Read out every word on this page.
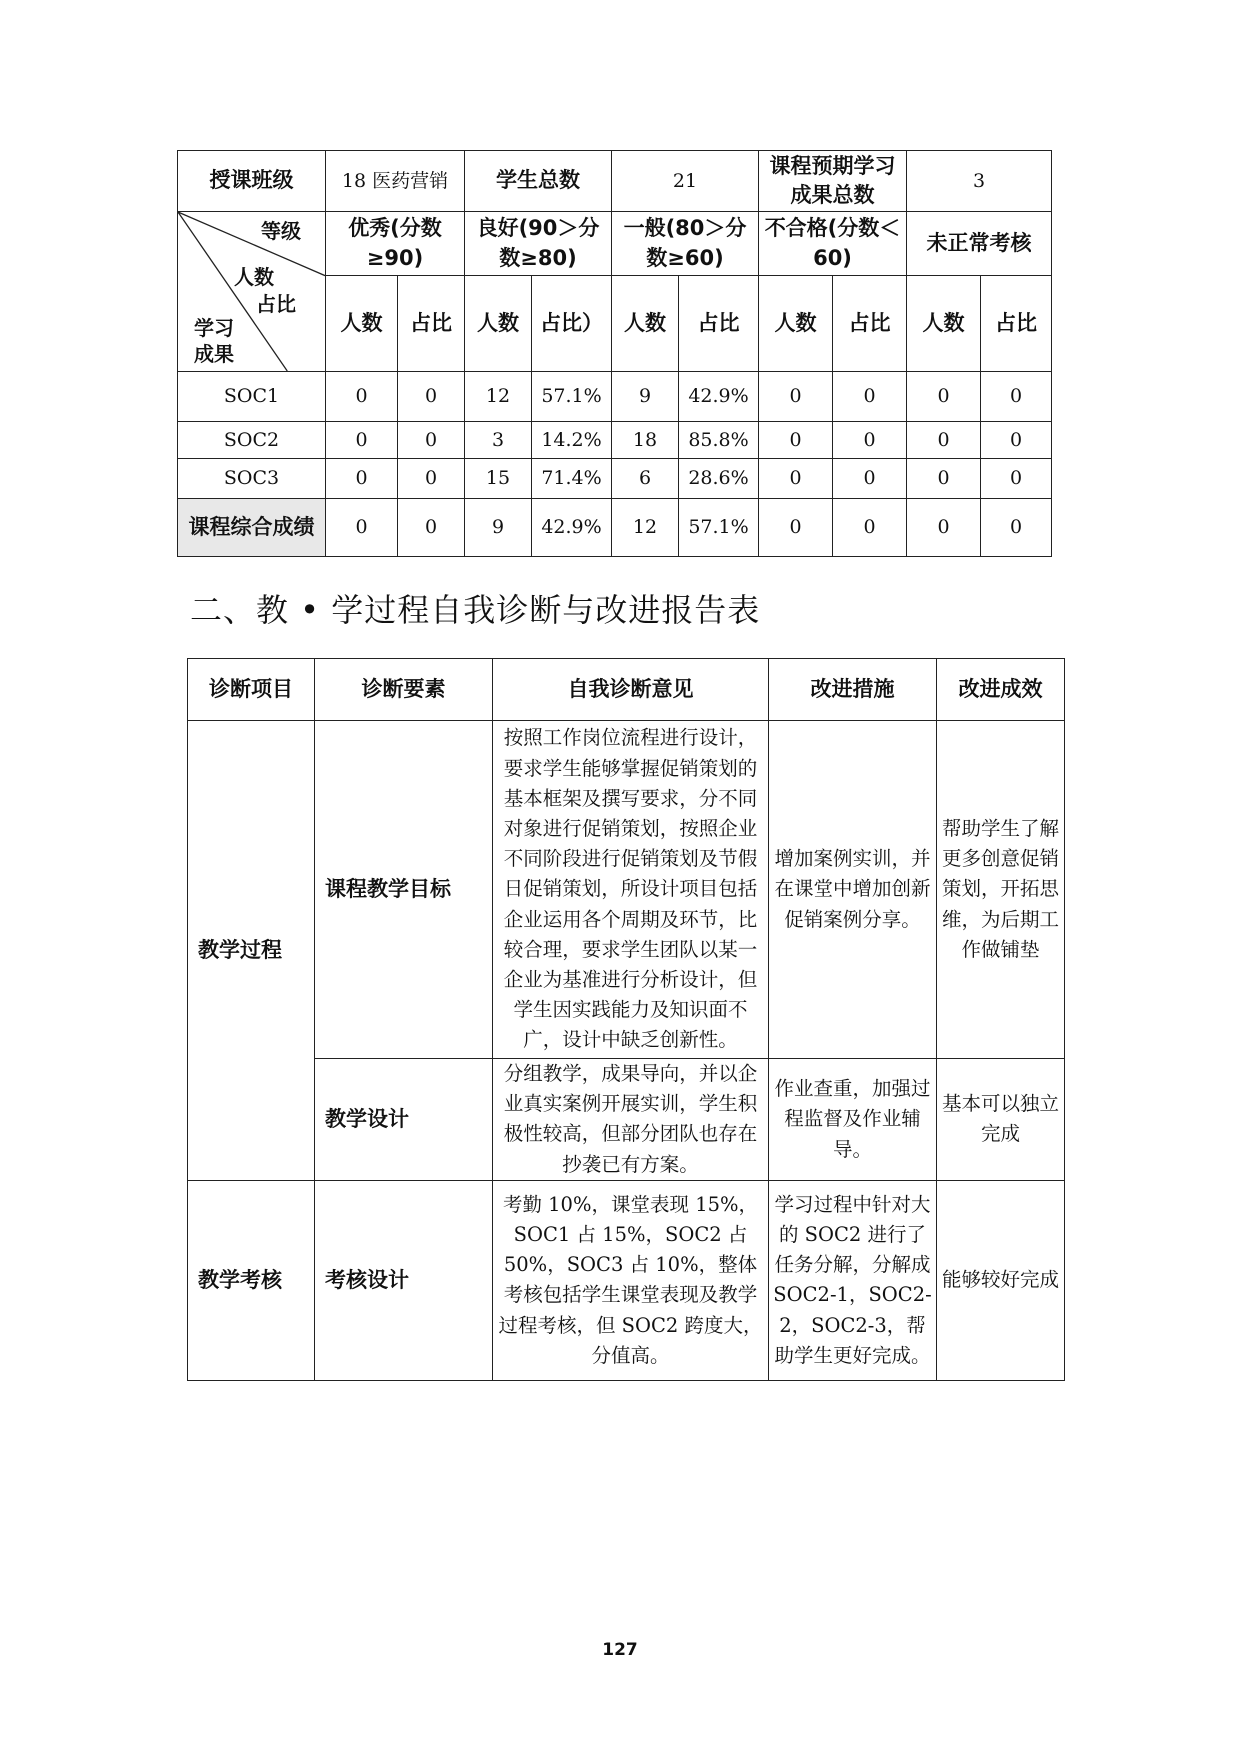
授课班级	18 医药营销		学生总数		21		课程预期学习成果总数		3	

等级
人数
占比
学习成果	优秀(分数≥90)		良好(90＞分数≥80)		一般(80＞分数≥60)		不合格(分数＜60)		未正常考核	
	人数	占比	人数	占比）	人数	占比	人数	占比	人数	占比
SOC1	0	0	12	57.1%	9	42.9%	0	0	0	0
SOC2	0	0	3	14.2%	18	85.8%	0	0	0	0
SOC3	0	0	15	71.4%	6	28.6%	0	0	0	0
课程综合成绩	0	0	9	42.9%	12	57.1%	0	0	0	0
二、教 • 学过程自我诊断与改进报告表
诊断项目	诊断要素	自我诊断意见	改进措施	改进成效
教学过程	课程教学目标	按照工作岗位流程进行设计，要求学生能够掌握促销策划的基本框架及撰写要求，分不同对象进行促销策划，按照企业不同阶段进行促销策划及节假日促销策划，所设计项目包括企业运用各个周期及环节，比较合理，要求学生团队以某一企业为基准进行分析设计，但学生因实践能力及知识面不广，设计中缺乏创新性。	增加案例实训，并在课堂中增加创新促销案例分享。	帮助学生了解更多创意促销策划，开拓思维，为后期工作做铺垫
	教学设计	分组教学，成果导向，并以企业真实案例开展实训，学生积极性较高，但部分团队也存在抄袭已有方案。	作业查重，加强过程监督及作业辅导。	基本可以独立完成
教学考核	考核设计	考勤 10%，课堂表现 15%，SOC1 占 15%，SOC2 占 50%，SOC3 占 10%，整体考核包括学生课堂表现及教学过程考核，但 SOC2 跨度大，分值高。	学习过程中针对大的 SOC2 进行了任务分解，分解成 SOC2-1，SOC2-2，SOC2-3，帮助学生更好完成。	能够较好完成
127
